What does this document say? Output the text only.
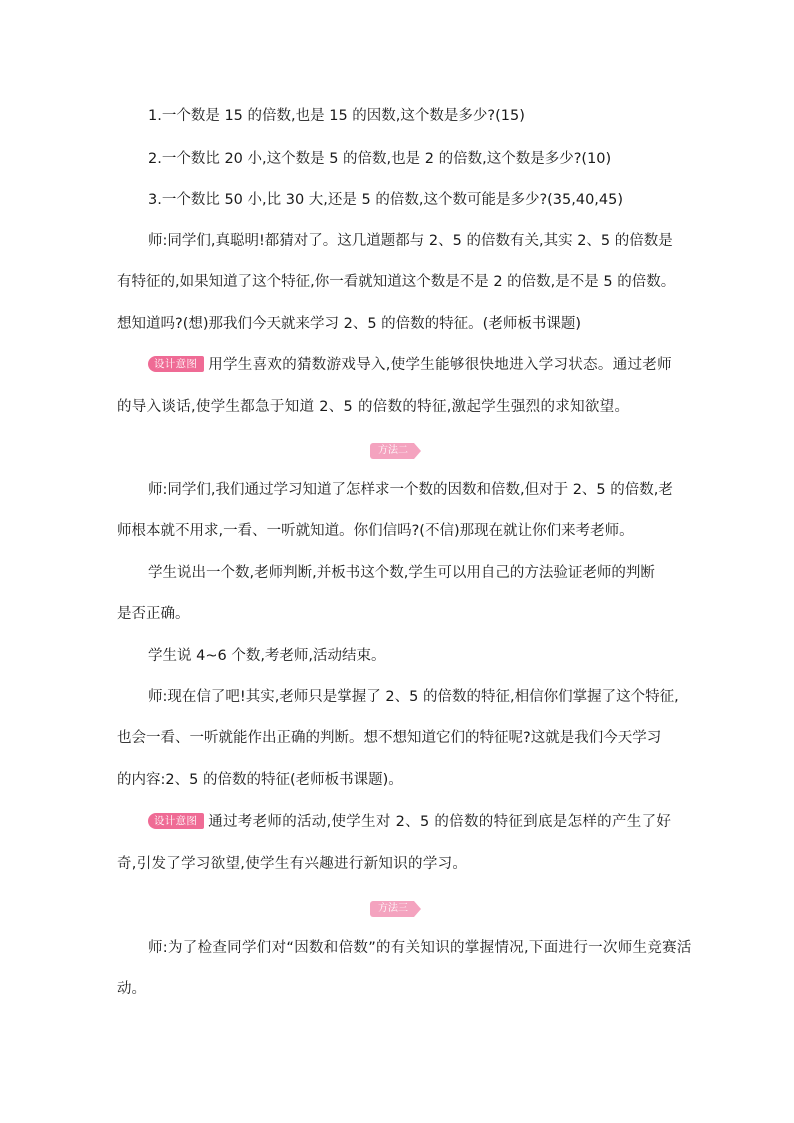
1.一个数是 15 的倍数,也是 15 的因数,这个数是多少?(15)
2.一个数比 20 小,这个数是 5 的倍数,也是 2 的倍数,这个数是多少?(10)
3.一个数比 50 小,比 30 大,还是 5 的倍数,这个数可能是多少?(35,40,45)
师:同学们,真聪明!都猜对了。这几道题都与 2、5 的倍数有关,其实 2、5 的倍数是
有特征的,如果知道了这个特征,你一看就知道这个数是不是 2 的倍数,是不是 5 的倍数。
想知道吗?(想)那我们今天就来学习 2、5 的倍数的特征。(老师板书课题)
设计意图 用学生喜欢的猜数游戏导入,使学生能够很快地进入学习状态。通过老师
的导入谈话,使学生都急于知道 2、5 的倍数的特征,激起学生强烈的求知欲望。
方法二
师:同学们,我们通过学习知道了怎样求一个数的因数和倍数,但对于 2、5 的倍数,老
师根本就不用求,一看、一听就知道。你们信吗?(不信)那现在就让你们来考老师。
学生说出一个数,老师判断,并板书这个数,学生可以用自己的方法验证老师的判断
是否正确。
学生说 4~6 个数,考老师,活动结束。
师:现在信了吧!其实,老师只是掌握了 2、5 的倍数的特征,相信你们掌握了这个特征,
也会一看、一听就能作出正确的判断。想不想知道它们的特征呢?这就是我们今天学习
的内容:2、5 的倍数的特征(老师板书课题)。
设计意图 通过考老师的活动,使学生对 2、5 的倍数的特征到底是怎样的产生了好
奇,引发了学习欲望,使学生有兴趣进行新知识的学习。
方法三
师:为了检查同学们对“因数和倍数”的有关知识的掌握情况,下面进行一次师生竞赛活
动。
